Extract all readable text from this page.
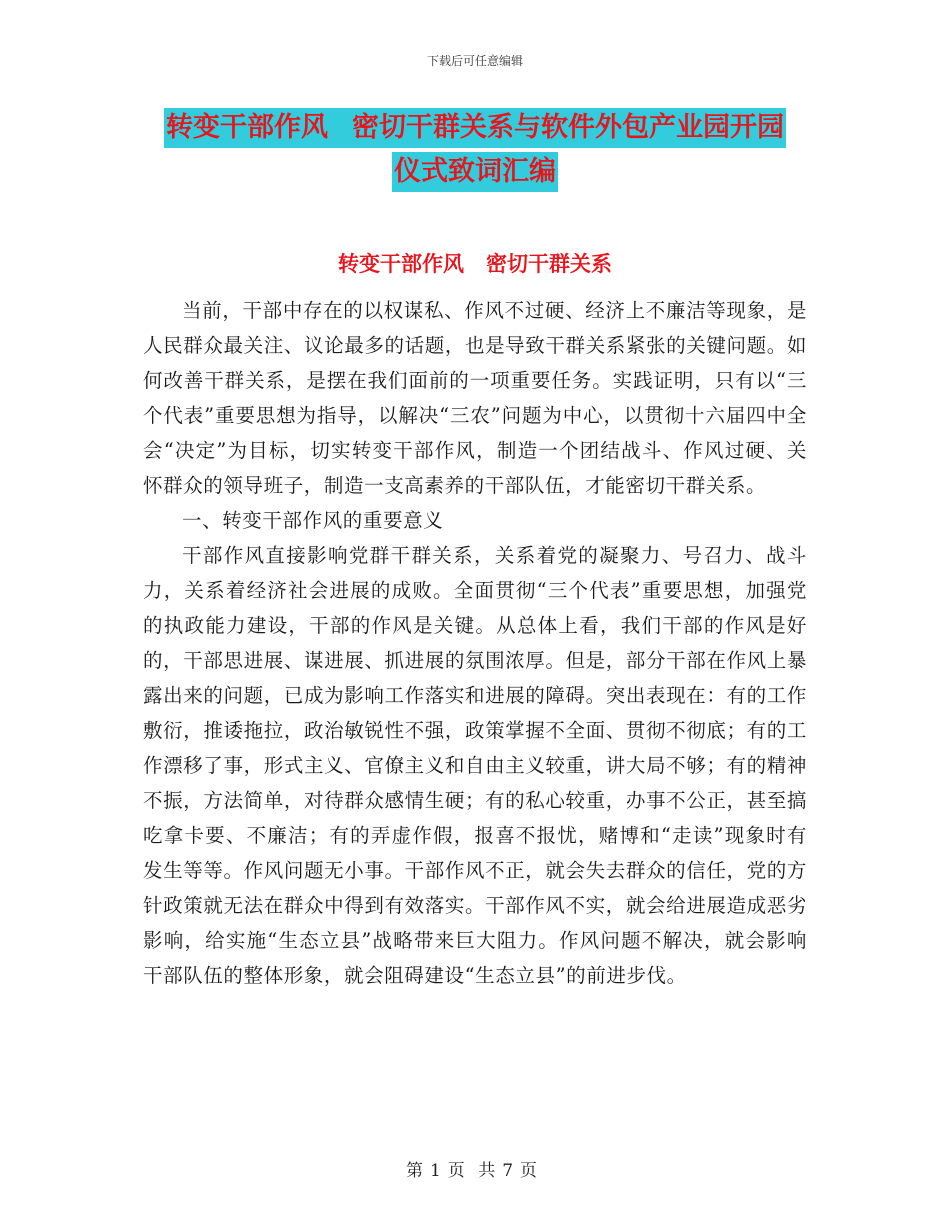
下载后可任意编辑
转变干部作风 密切干群关系与软件外包产业园开园
仪式致词汇编
转变干部作风 密切干群关系

当前，干部中存在的以权谋私、作风不过硬、经济上不廉洁等现象，是人民群众最关注、议论最多的话题，也是导致干群关系紧张的关键问题。如何改善干群关系，是摆在我们面前的一项重要任务。实践证明，只有以“三个代表”重要思想为指导，以解决“三农”问题为中心，以贯彻十六届四中全会“决定”为目标，切实转变干部作风，制造一个团结战斗、作风过硬、关怀群众的领导班子，制造一支高素养的干部队伍，才能密切干群关系。

一、转变干部作风的重要意义

干部作风直接影响党群干群关系，关系着党的凝聚力、号召力、战斗力，关系着经济社会进展的成败。全面贯彻“三个代表”重要思想，加强党的执政能力建设，干部的作风是关键。从总体上看，我们干部的作风是好的，干部思进展、谋进展、抓进展的氛围浓厚。但是，部分干部在作风上暴露出来的问题，已成为影响工作落实和进展的障碍。突出表现在：有的工作敷衍，推诿拖拉，政治敏锐性不强，政策掌握不全面、贯彻不彻底；有的工作漂移了事，形式主义、官僚主义和自由主义较重，讲大局不够；有的精神不振，方法简单，对待群众感情生硬；有的私心较重，办事不公正，甚至搞吃拿卡要、不廉洁；有的弄虚作假，报喜不报忧，赌博和“走读”现象时有发生等等。作风问题无小事。干部作风不正，就会失去群众的信任，党的方针政策就无法在群众中得到有效落实。干部作风不实，就会给进展造成恶劣影响，给实施“生态立县”战略带来巨大阻力。作风问题不解决，就会影响干部队伍的整体形象，就会阻碍建设“生态立县”的前进步伐。

第 1 页 共 7 页
